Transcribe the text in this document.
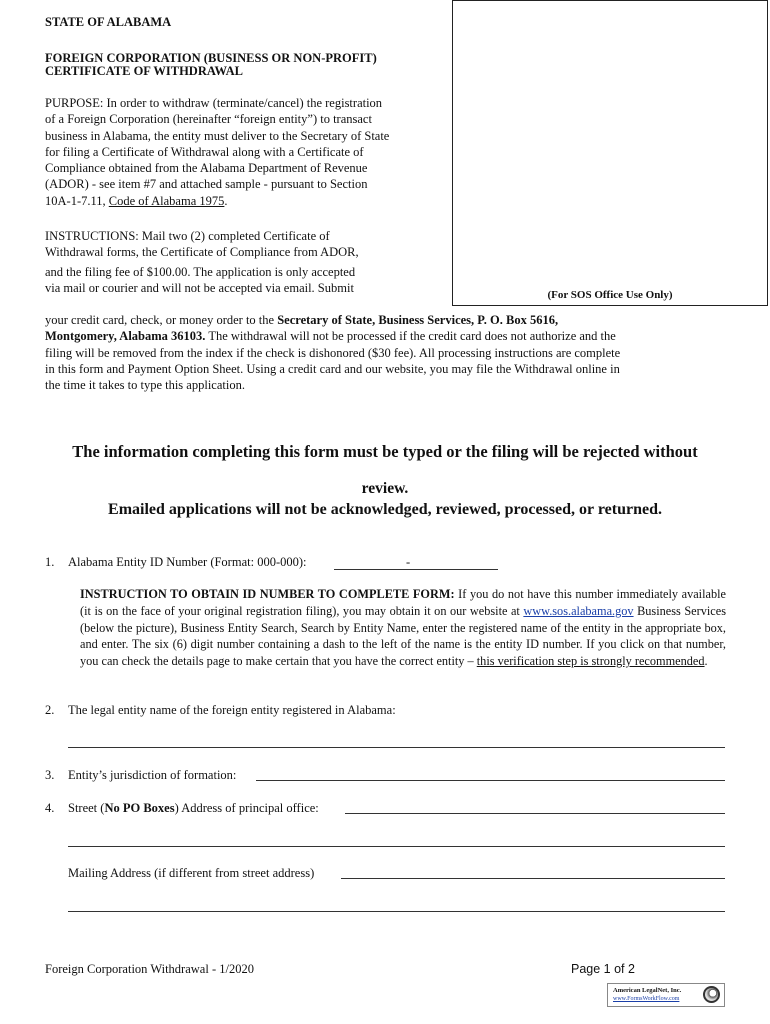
STATE OF ALABAMA
FOREIGN CORPORATION (BUSINESS OR NON-PROFIT)
CERTIFICATE OF WITHDRAWAL
(For SOS Office Use Only)
PURPOSE: In order to withdraw (terminate/cancel) the registration
of a Foreign Corporation (hereinafter “foreign entity”) to transact
business in Alabama, the entity must deliver to the Secretary of State
for filing a Certificate of Withdrawal along with a Certificate of
Compliance obtained from the Alabama Department of Revenue
(ADOR) - see item #7 and attached sample - pursuant to Section
10A-1-7.11, Code of Alabama 1975.
INSTRUCTIONS: Mail two (2) completed Certificate of
Withdrawal forms, the Certificate of Compliance from ADOR,
and the filing fee of $100.00. The application is only accepted
via mail or courier and will not be accepted via email. Submit
your credit card, check, or money order to the Secretary of State, Business Services, P. O. Box 5616,
Montgomery, Alabama 36103. The withdrawal will not be processed if the credit card does not authorize and the
filing will be removed from the index if the check is dishonored ($30 fee). All processing instructions are complete
in this form and Payment Option Sheet. Using a credit card and our website, you may file the Withdrawal online in
the time it takes to type this application.
The information completing this form must be typed or the filing will be rejected without
review.
Emailed applications will not be acknowledged, reviewed, processed, or returned.
1. Alabama Entity ID Number (Format: 000-000):	-
INSTRUCTION TO OBTAIN ID NUMBER TO COMPLETE FORM: If you do not have this number immediately available (it is on the face of your original registration filing), you may obtain it on our website at www.sos.alabama.gov Business Services (below the picture), Business Entity Search, Search by Entity Name, enter the registered name of the entity in the appropriate box, and enter. The six (6) digit number containing a dash to the left of the name is the entity ID number. If you click on that number, you can check the details page to make certain that you have the correct entity – this verification step is strongly recommended.
2. The legal entity name of the foreign entity registered in Alabama:
3. Entity’s jurisdiction of formation:
4. Street (No PO Boxes) Address of principal office:
Mailing Address (if different from street address)
Foreign Corporation Withdrawal - 1/2020	Page 1 of 2
American LegalNet, Inc.
www.FormsWorkFlow.com
